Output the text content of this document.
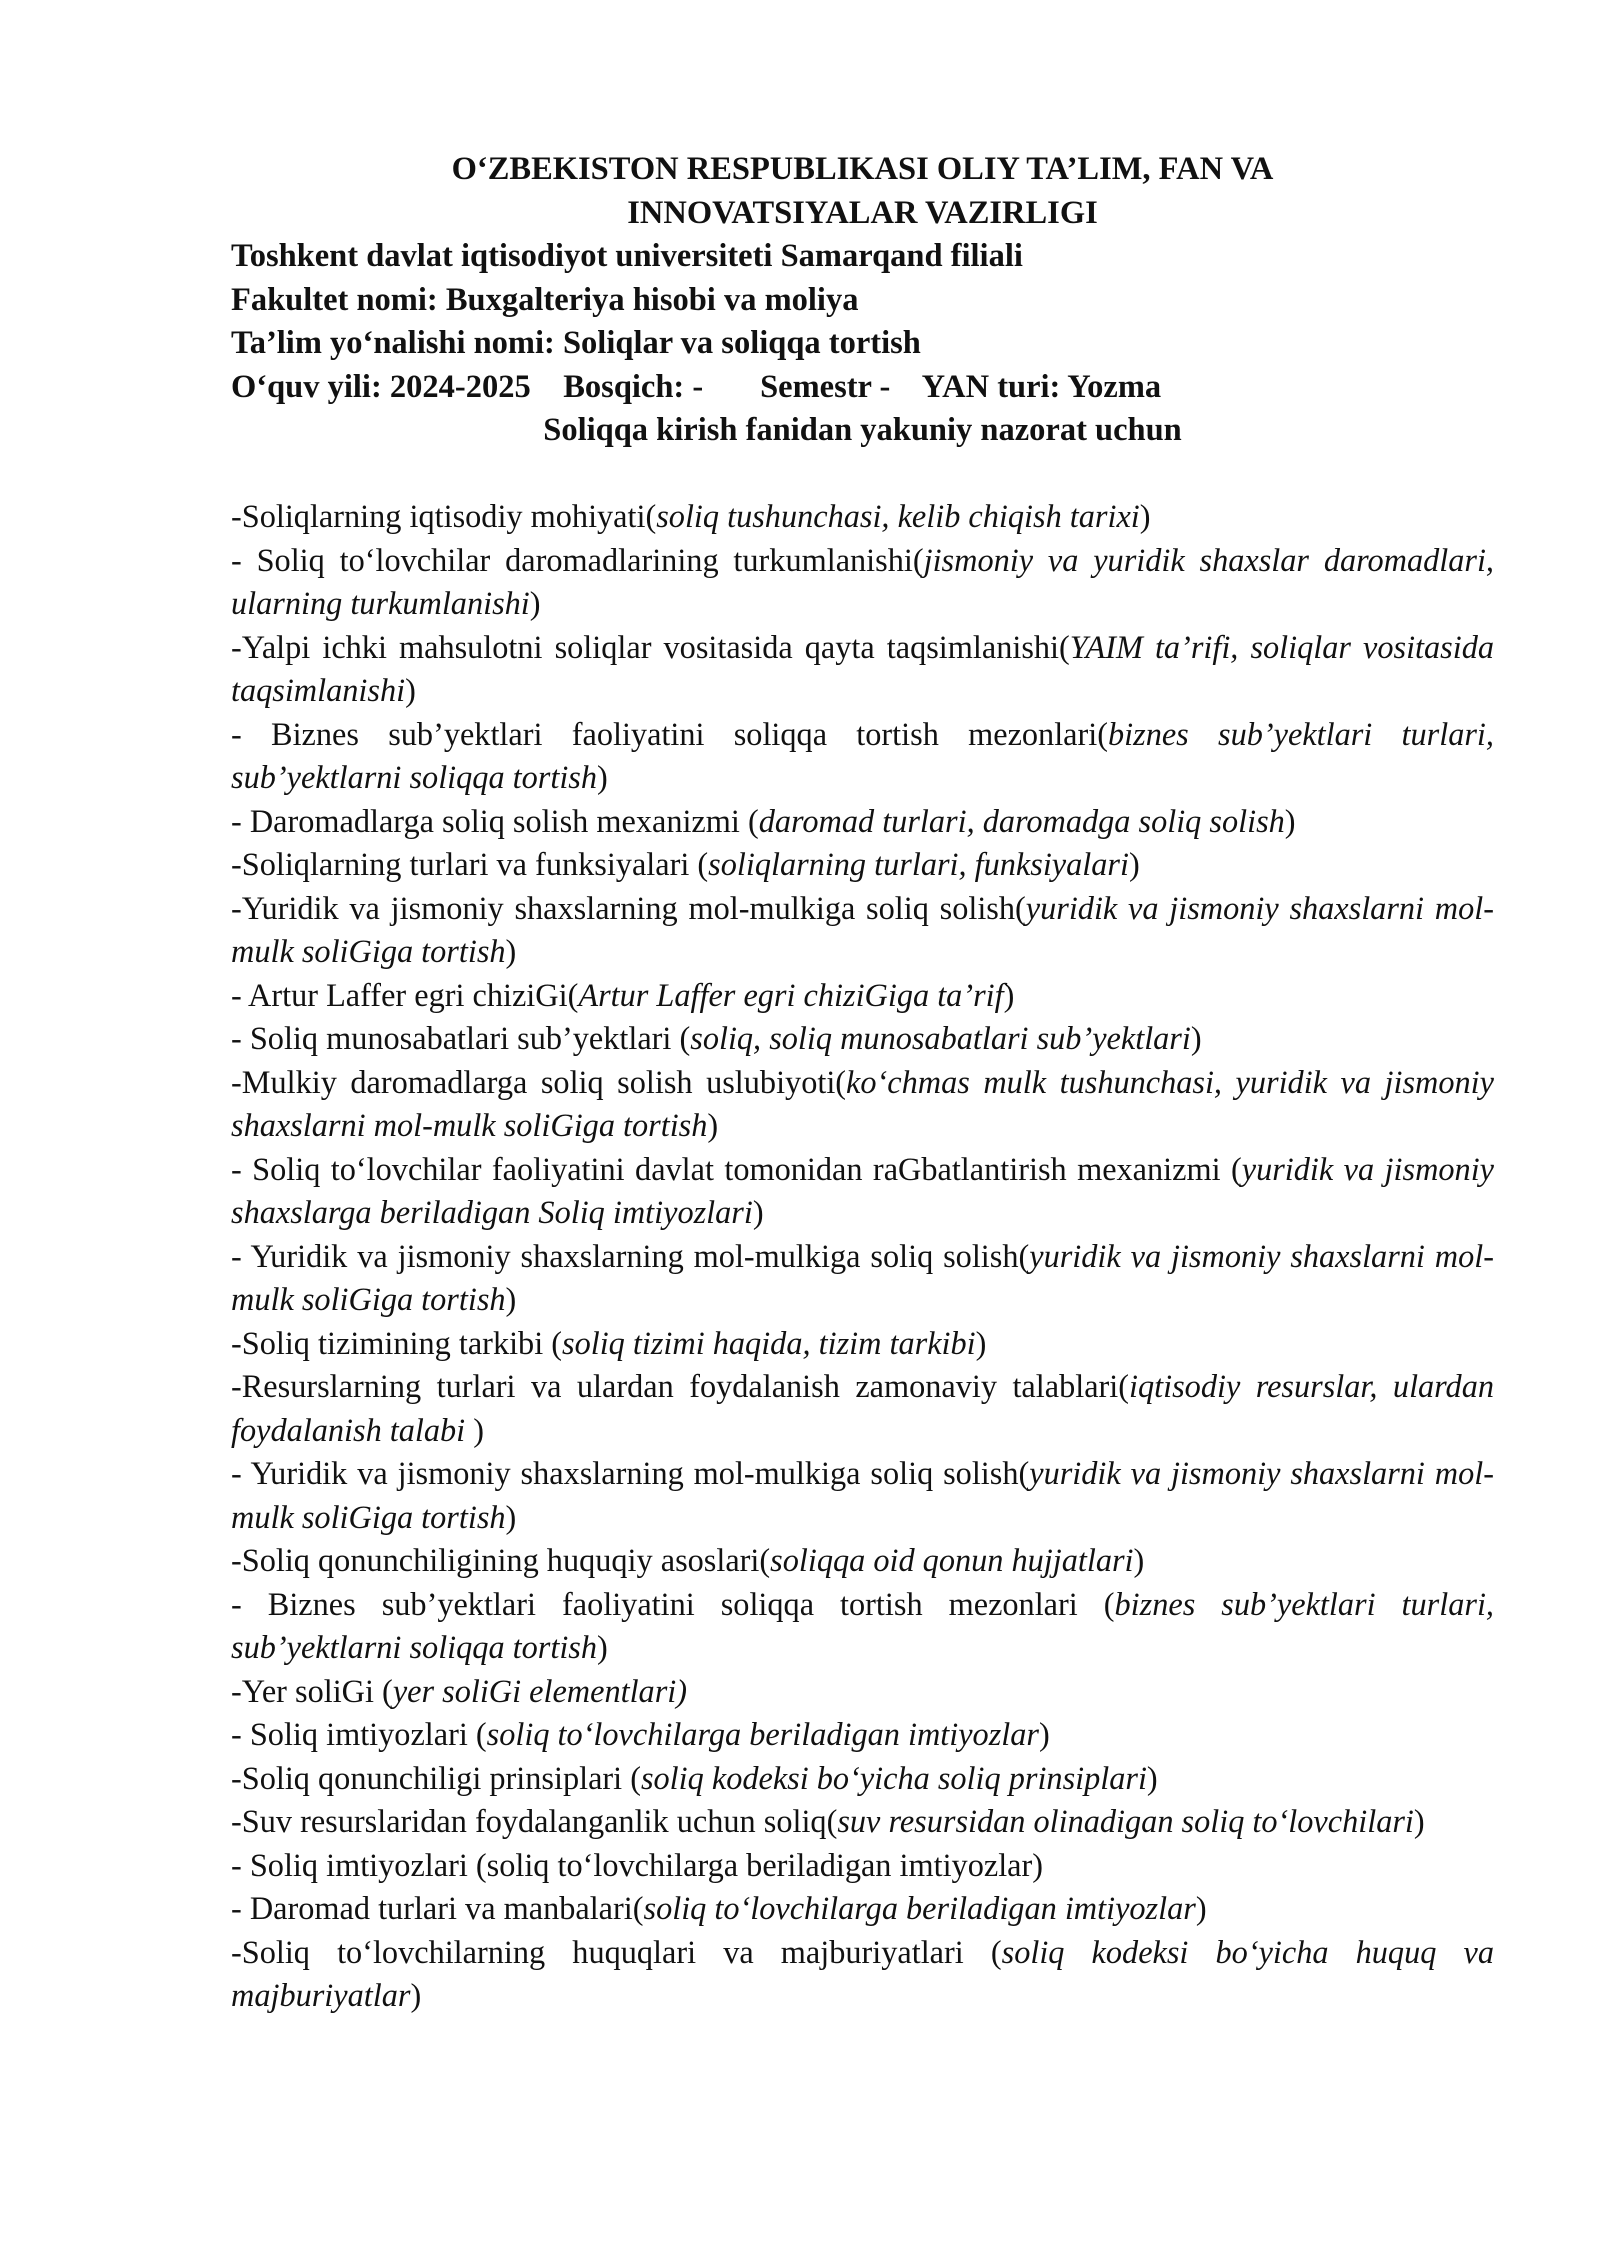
O‘ZBEKISTON RESPUBLIKASI OLIY TA’LIM, FAN VA
INNOVATSIYALAR VAZIRLIGI
Toshkent davlat iqtisodiyot universiteti Samarqand filiali
Fakultet nomi: Buxgalteriya hisobi va moliya
Ta’lim yo‘nalishi nomi: Soliqlar va soliqqa tortish
O‘quv yili: 2024-2025 Bosqich: - Semestr - YAN turi: Yozma
Soliqqa kirish fanidan yakuniy nazorat uchun
-Soliqlarning iqtisodiy mohiyati(soliq tushunchasi, kelib chiqish tarixi)
- Soliq to‘lovchilar daromadlarining turkumlanishi(jismoniy va yuridik shaxslar daromadlari, ularning turkumlanishi)
-Yalpi ichki mahsulotni soliqlar vositasida qayta taqsimlanishi(YAIM ta’rifi, soliqlar vositasida taqsimlanishi)
- Biznes sub’yektlari faoliyatini soliqqa tortish mezonlari(biznes sub’yektlari turlari, sub’yektlarni soliqqa tortish)
- Daromadlarga soliq solish mexanizmi (daromad turlari, daromadga soliq solish)
-Soliqlarning turlari va funksiyalari (soliqlarning turlari, funksiyalari)
-Yuridik va jismoniy shaxslarning mol-mulkiga soliq solish(yuridik va jismoniy shaxslarni mol-mulk soliGiga tortish)
- Artur Laffer egri chiziGi(Artur Laffer egri chiziGiga ta’rif)
- Soliq munosabatlari sub’yektlari (soliq, soliq munosabatlari sub’yektlari)
-Mulkiy daromadlarga soliq solish uslubiyoti(ko‘chmas mulk tushunchasi, yuridik va jismoniy shaxslarni mol-mulk soliGiga tortish)
- Soliq to‘lovchilar faoliyatini davlat tomonidan raGbatlantirish mexanizmi (yuridik va jismoniy shaxslarga beriladigan Soliq imtiyozlari)
- Yuridik va jismoniy shaxslarning mol-mulkiga soliq solish(yuridik va jismoniy shaxslarni mol-mulk soliGiga tortish)
-Soliq tizimining tarkibi (soliq tizimi haqida, tizim tarkibi)
-Resurslarning turlari va ulardan foydalanish zamonaviy talablari(iqtisodiy resurslar, ulardan foydalanish talabi )
- Yuridik va jismoniy shaxslarning mol-mulkiga soliq solish(yuridik va jismoniy shaxslarni mol-mulk soliGiga tortish)
-Soliq qonunchiligining huquqiy asoslari(soliqqa oid qonun hujjatlari)
- Biznes sub’yektlari faoliyatini soliqqa tortish mezonlari (biznes sub’yektlari turlari, sub’yektlarni soliqqa tortish)
-Yer soliGi (yer soliGi elementlari)
- Soliq imtiyozlari (soliq to‘lovchilarga beriladigan imtiyozlar)
-Soliq qonunchiligi prinsiplari (soliq kodeksi bo‘yicha soliq prinsiplari)
-Suv resurslaridan foydalanganlik uchun soliq(suv resursidan olinadigan soliq to‘lovchilari)
- Soliq imtiyozlari (soliq to‘lovchilarga beriladigan imtiyozlar)
- Daromad turlari va manbalari(soliq to‘lovchilarga beriladigan imtiyozlar)
-Soliq to‘lovchilarning huquqlari va majburiyatlari (soliq kodeksi bo‘yicha huquq va majburiyatlar)
